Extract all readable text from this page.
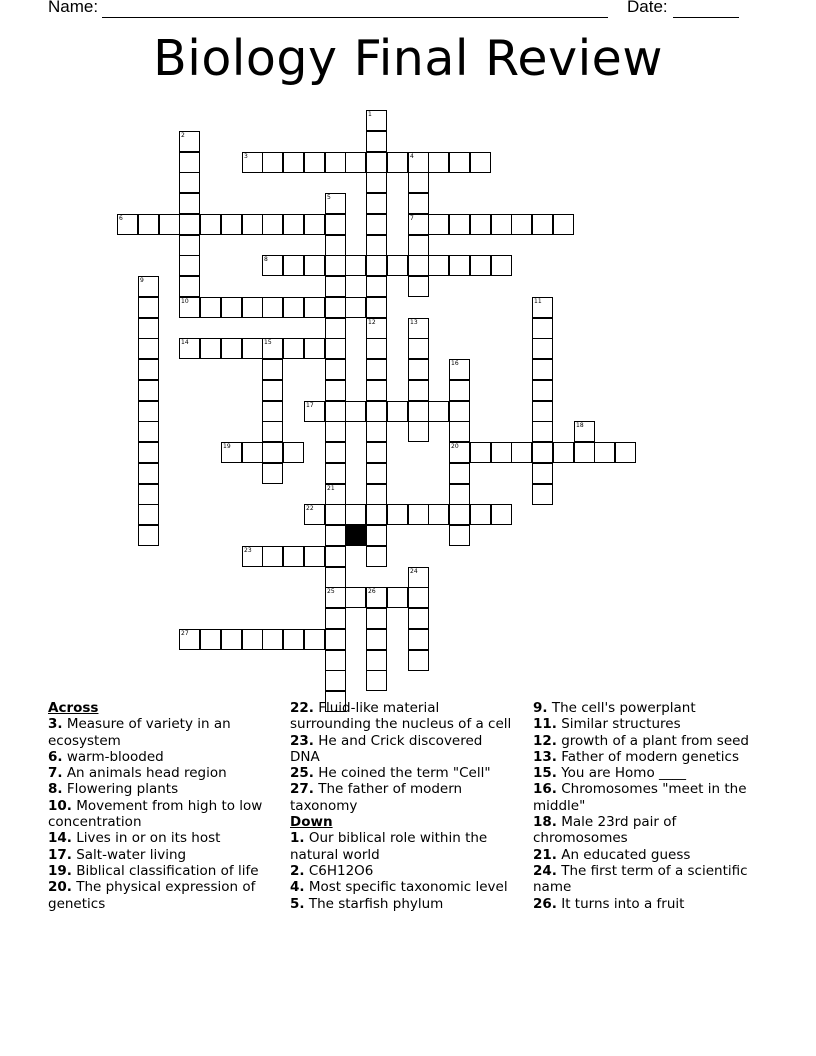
Name:	Date:
Biology Final Review
3	4
6	7
8
10
14	15
17
19	20
22
23
25	26
27
1
12
2
5
21
9
11
13
16
18
24
Across
3. Measure of variety in an ecosystem
6. warm-blooded
7. An animals head region
8. Flowering plants
10. Movement from high to low concentration
14. Lives in or on its host
17. Salt-water living
19. Biblical classification of life
20. The physical expression of genetics
22. Fluid-like material surrounding the nucleus of a cell
23. He and Crick discovered DNA
25. He coined the term "Cell"
27. The father of modern taxonomy
Down
1. Our biblical role within the natural world
2. C6H12O6
4. Most specific taxonomic level
5. The starfish phylum
9. The cell's powerplant
11. Similar structures
12. growth of a plant from seed
13. Father of modern genetics
15. You are Homo ____
16. Chromosomes "meet in the middle"
18. Male 23rd pair of chromosomes
21. An educated guess
24. The first term of a scientific name
26. It turns into a fruit
